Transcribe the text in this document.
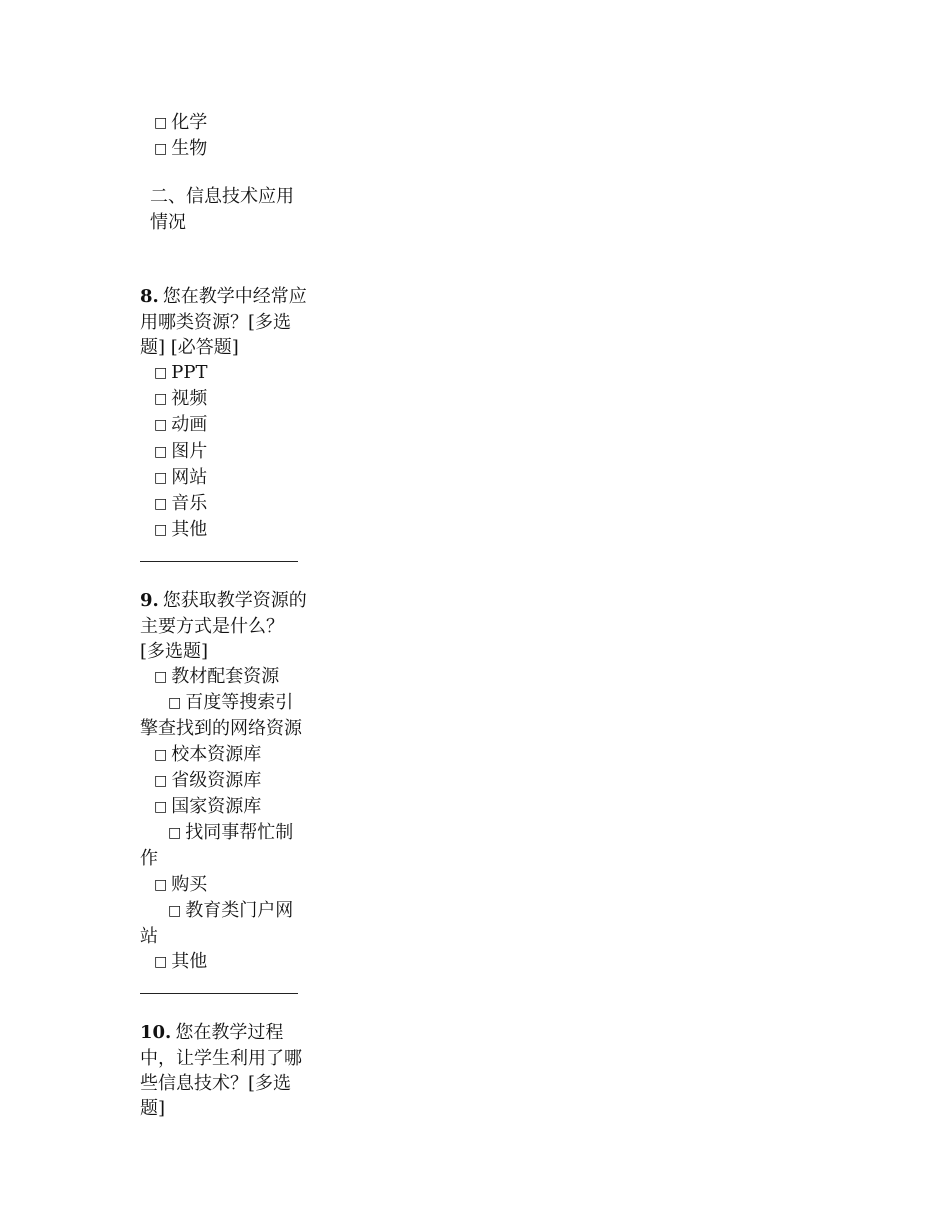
□ 化学
□ 生物
二、信息技术应用情况
8. 您在教学中经常应用哪类资源？[多选题] [必答题]
□ PPT
□ 视频
□ 动画
□ 图片
□ 网站
□ 音乐
□ 其他
9. 您获取教学资源的主要方式是什么？ [多选题]
□ 教材配套资源
□ 百度等搜索引擎查找到的网络资源
□ 校本资源库
□ 省级资源库
□ 国家资源库
□ 找同事帮忙制作
□ 购买
□ 教育类门户网站
□ 其他
10. 您在教学过程中，让学生利用了哪些信息技术？[多选题]
